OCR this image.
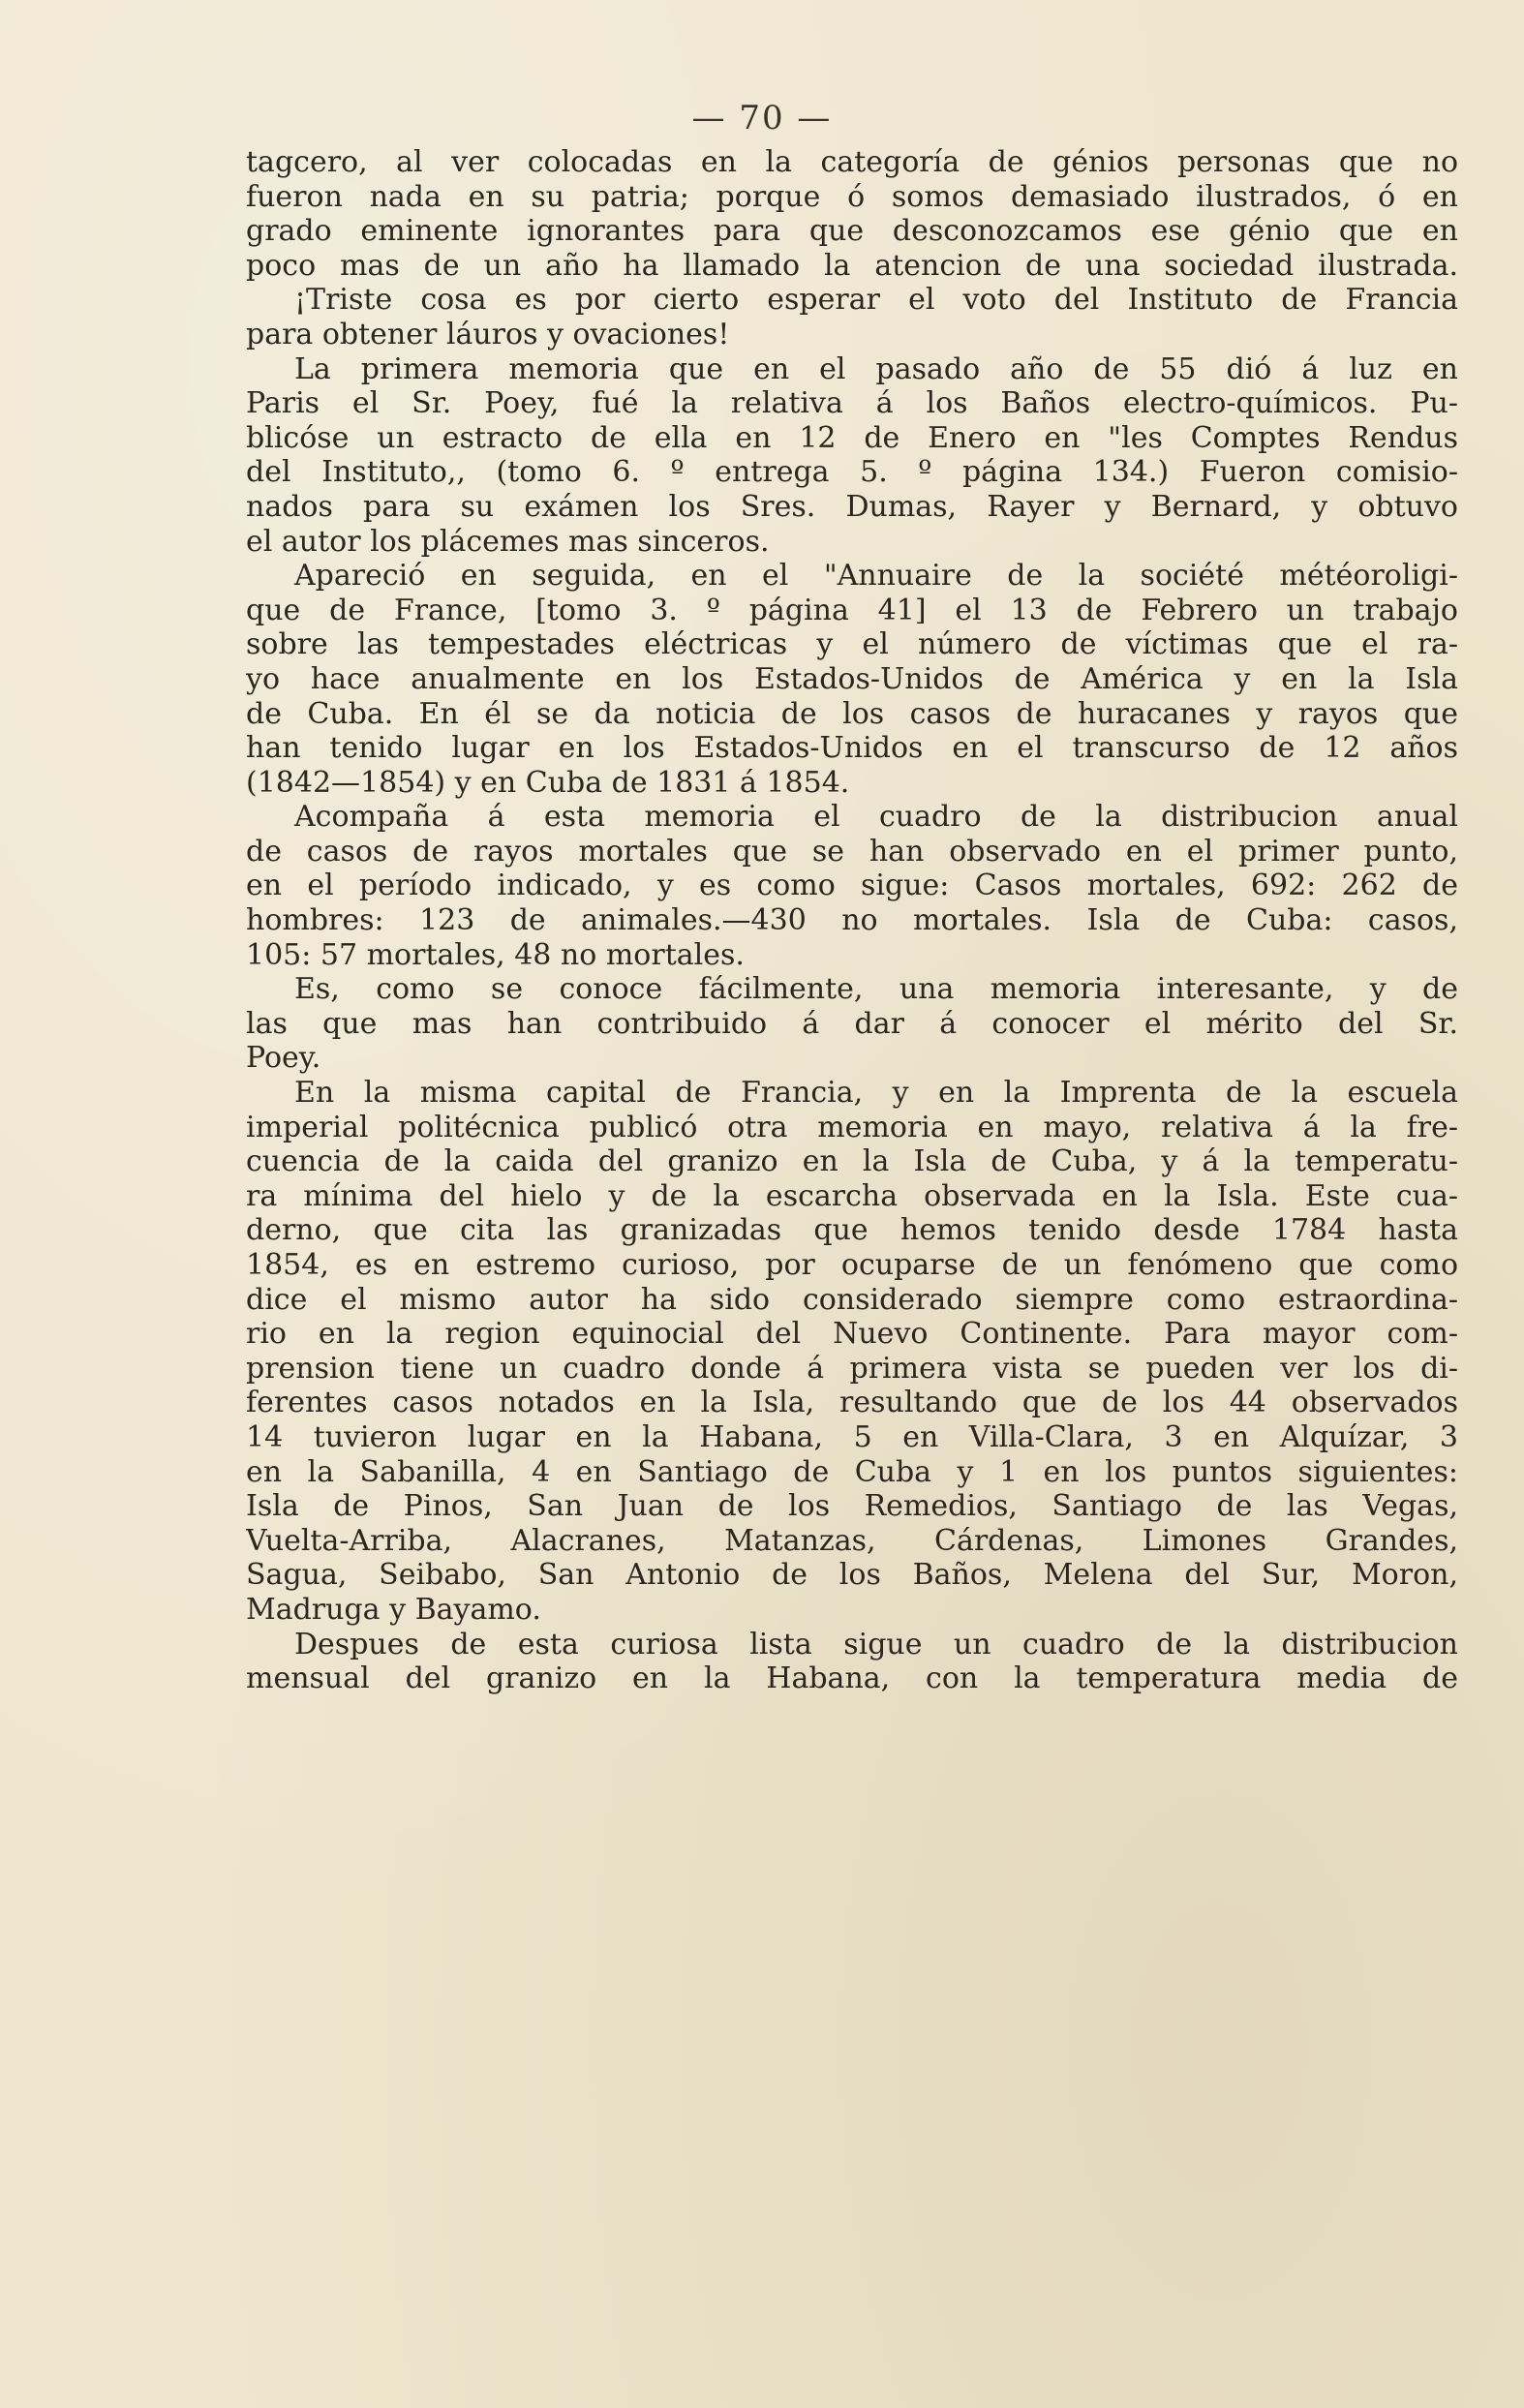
— 70 —
tagcero, al ver colocadas en la categoría de génios personas que no
fueron nada en su patria; porque ó somos demasiado ilustrados, ó en
grado eminente ignorantes para que desconozcamos ese génio que en
poco mas de un año ha llamado la atencion de una sociedad ilustrada.
¡Triste cosa es por cierto esperar el voto del Instituto de Francia
para obtener láuros y ovaciones!
La primera memoria que en el pasado año de 55 dió á luz en
Paris el Sr. Poey, fué la relativa á los Baños electro-químicos. Pu-
blicóse un estracto de ella en 12 de Enero en "les Comptes Rendus
del Instituto,, (tomo 6. º entrega 5. º página 134.) Fueron comisio-
nados para su exámen los Sres. Dumas, Rayer y Bernard, y obtuvo
el autor los plácemes mas sinceros.
Apareció en seguida, en el "Annuaire de la société météoroligi-
que de France, [tomo 3. º página 41] el 13 de Febrero un trabajo
sobre las tempestades eléctricas y el número de víctimas que el ra-
yo hace anualmente en los Estados-Unidos de América y en la Isla
de Cuba. En él se da noticia de los casos de huracanes y rayos que
han tenido lugar en los Estados-Unidos en el transcurso de 12 años
(1842—1854) y en Cuba de 1831 á 1854.
Acompaña á esta memoria el cuadro de la distribucion anual
de casos de rayos mortales que se han observado en el primer punto,
en el período indicado, y es como sigue: Casos mortales, 692: 262 de
hombres: 123 de animales.—430 no mortales. Isla de Cuba: casos,
105: 57 mortales, 48 no mortales.
Es, como se conoce fácilmente, una memoria interesante, y de
las que mas han contribuido á dar á conocer el mérito del Sr.
Poey.
En la misma capital de Francia, y en la Imprenta de la escuela
imperial politécnica publicó otra memoria en mayo, relativa á la fre-
cuencia de la caida del granizo en la Isla de Cuba, y á la temperatu-
ra mínima del hielo y de la escarcha observada en la Isla. Este cua-
derno, que cita las granizadas que hemos tenido desde 1784 hasta
1854, es en estremo curioso, por ocuparse de un fenómeno que como
dice el mismo autor ha sido considerado siempre como estraordina-
rio en la region equinocial del Nuevo Continente. Para mayor com-
prension tiene un cuadro donde á primera vista se pueden ver los di-
ferentes casos notados en la Isla, resultando que de los 44 observados
14 tuvieron lugar en la Habana, 5 en Villa-Clara, 3 en Alquízar, 3
en la Sabanilla, 4 en Santiago de Cuba y 1 en los puntos siguientes:
Isla de Pinos, San Juan de los Remedios, Santiago de las Vegas,
Vuelta-Arriba, Alacranes, Matanzas, Cárdenas, Limones Grandes,
Sagua, Seibabo, San Antonio de los Baños, Melena del Sur, Moron,
Madruga y Bayamo.
Despues de esta curiosa lista sigue un cuadro de la distribucion
mensual del granizo en la Habana, con la temperatura media de
